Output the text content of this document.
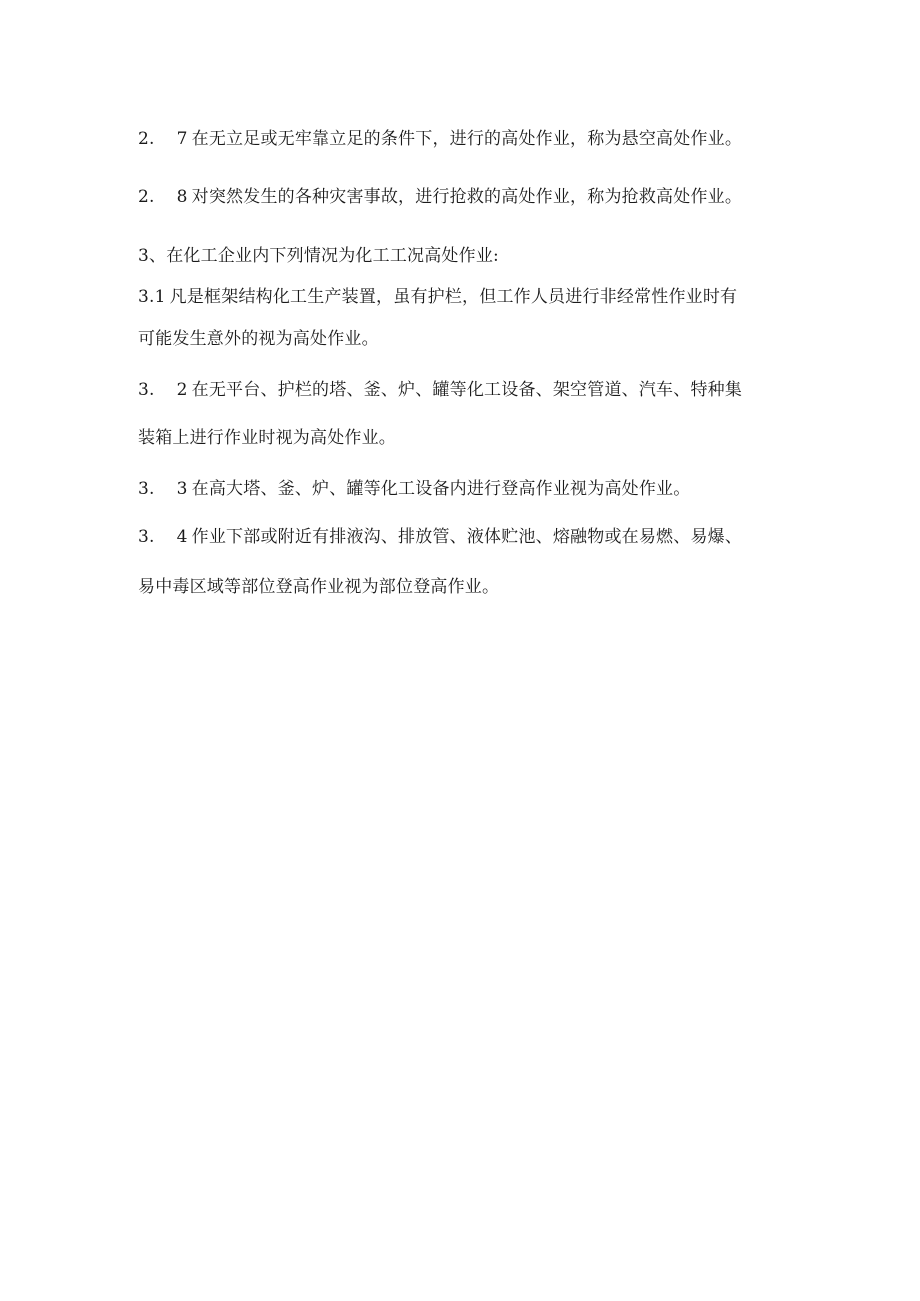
2. 7 在无立足或无牢靠立足的条件下，进行的高处作业，称为悬空高处作业。
2. 8 对突然发生的各种灾害事故，进行抢救的高处作业，称为抢救高处作业。
3、在化工企业内下列情况为化工工况高处作业:
3.1 凡是框架结构化工生产装置，虽有护栏，但工作人员进行非经常性作业时有
可能发生意外的视为高处作业。
3. 2 在无平台、护栏的塔、釜、炉、罐等化工设备、架空管道、汽车、特种集
装箱上进行作业时视为高处作业。
3. 3 在高大塔、釜、炉、罐等化工设备内进行登高作业视为高处作业。
3. 4 作业下部或附近有排液沟、排放管、液体贮池、熔融物或在易燃、易爆、
易中毒区域等部位登高作业视为部位登高作业。
